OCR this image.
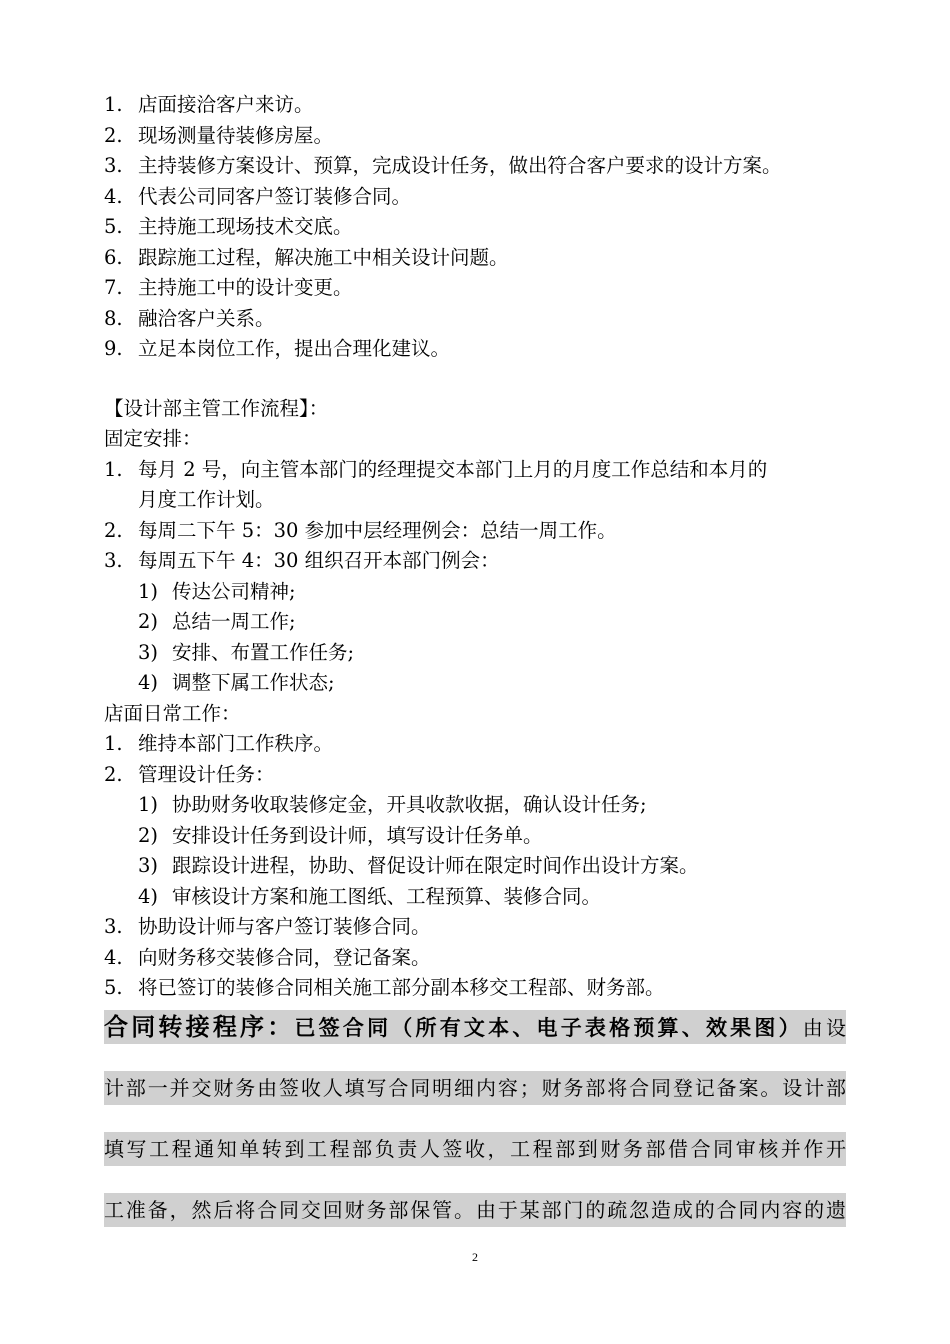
1. 店面接洽客户来访。
2. 现场测量待装修房屋。
3. 主持装修方案设计、预算，完成设计任务，做出符合客户要求的设计方案。
4. 代表公司同客户签订装修合同。
5. 主持施工现场技术交底。
6. 跟踪施工过程，解决施工中相关设计问题。
7. 主持施工中的设计变更。
8. 融洽客户关系。
9. 立足本岗位工作，提出合理化建议。
【设计部主管工作流程】：
固定安排：
1. 每月 2 号，向主管本部门的经理提交本部门上月的月度工作总结和本月的
月度工作计划。
2. 每周二下午 5：30 参加中层经理例会：总结一周工作。
3. 每周五下午 4：30 组织召开本部门例会：
1) 传达公司精神;
2) 总结一周工作;
3) 安排、布置工作任务;
4) 调整下属工作状态;
店面日常工作：
1. 维持本部门工作秩序。
2. 管理设计任务：
1) 协助财务收取装修定金，开具收款收据，确认设计任务;
2) 安排设计任务到设计师，填写设计任务单。
3) 跟踪设计进程，协助、督促设计师在限定时间作出设计方案。
4) 审核设计方案和施工图纸、工程预算、装修合同。
3. 协助设计师与客户签订装修合同。
4. 向财务移交装修合同，登记备案。
5. 将已签订的装修合同相关施工部分副本移交工程部、财务部。
合同转接程序：已签合同（所有文本、电子表格预算、效果图）由设
计部一并交财务由签收人填写合同明细内容；财务部将合同登记备案。设计部
填写工程通知单转到工程部负责人签收，工程部到财务部借合同审核并作开
工准备，然后将合同交回财务部保管。由于某部门的疏忽造成的合同内容的遗
2
